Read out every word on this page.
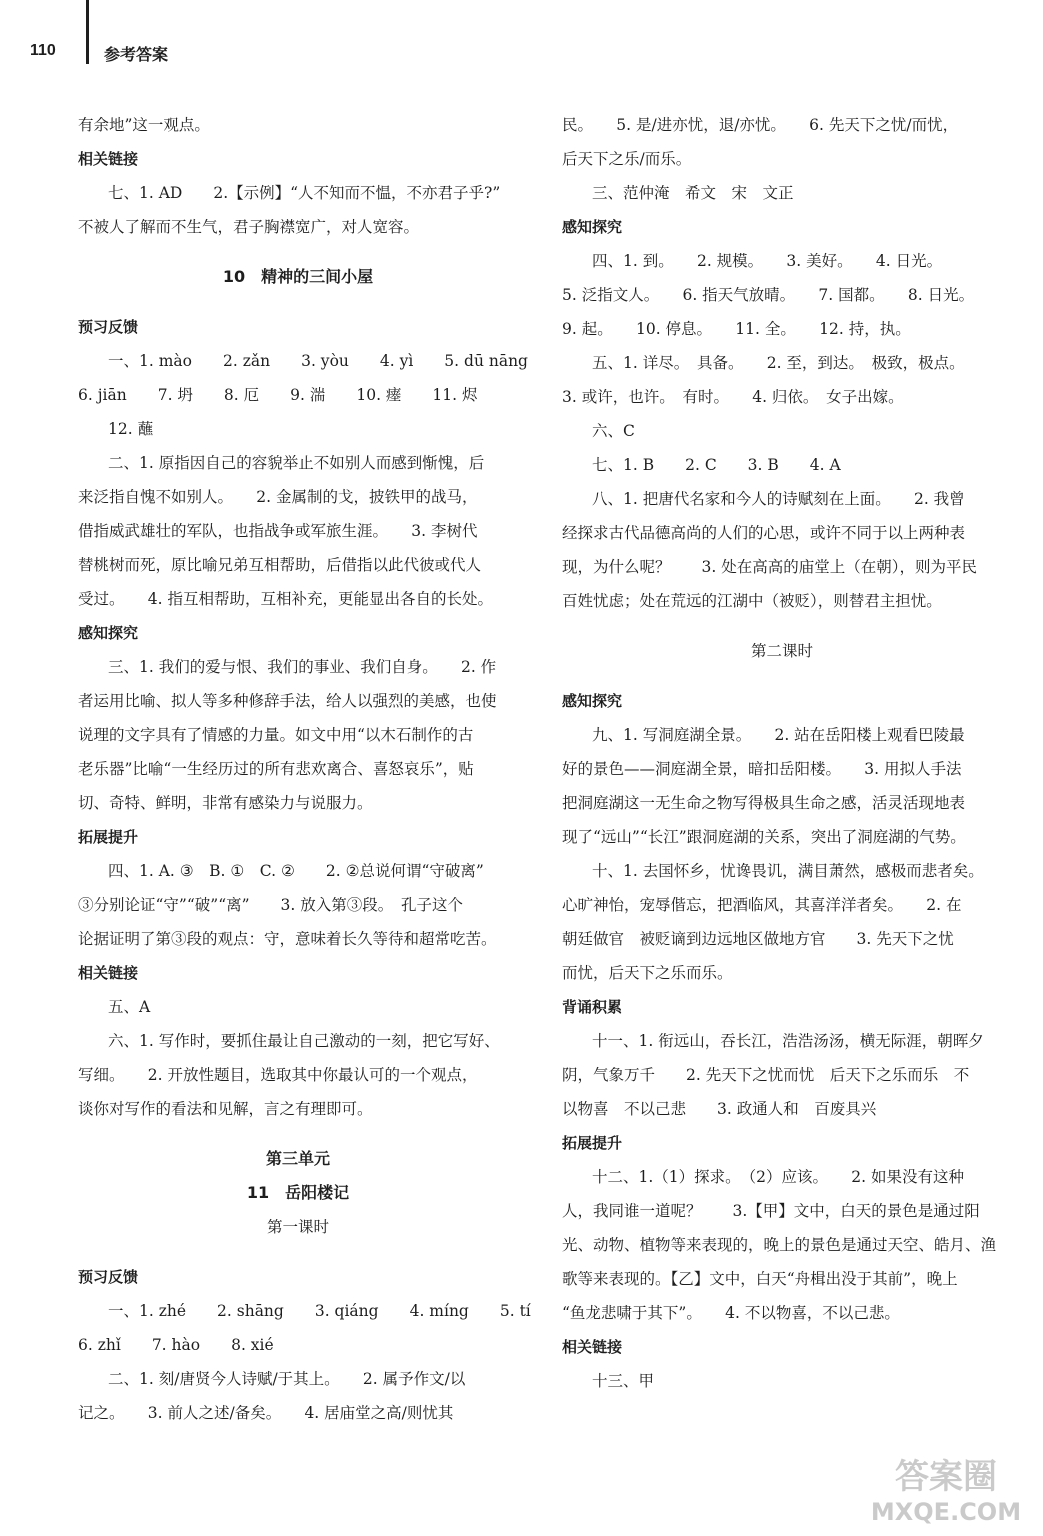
110	参考答案
有余地”这一观点。
相关链接
七、1. AD　　2.【示例】“人不知而不愠，不亦君子乎?”
不被人了解而不生气，君子胸襟宽广，对人宽容。
10　精神的三间小屋
预习反馈
一、1. mào　　2. zǎn　　3. yòu　　4. yì　　5. dū nāng
6. jiān　　7. 坍　　8. 厄　　9. 湍　　10. 瘗　　11. 烬
12. 蘸
二、1. 原指因自己的容貌举止不如别人而感到惭愧，后
来泛指自愧不如别人。　　2. 金属制的戈，披铁甲的战马，
借指威武雄壮的军队，也指战争或军旅生涯。　　3. 李树代
替桃树而死，原比喻兄弟互相帮助，后借指以此代彼或代人
受过。　　4. 指互相帮助，互相补充，更能显出各自的长处。
感知探究
三、1. 我们的爱与恨、我们的事业、我们自身。　　2. 作
者运用比喻、拟人等多种修辞手法，给人以强烈的美感，也使
说理的文字具有了情感的力量。如文中用“以木石制作的古
老乐器”比喻“一生经历过的所有悲欢离合、喜怒哀乐”，贴
切、奇特、鲜明，非常有感染力与说服力。
拓展提升
四、1. A. ③　B. ①　C. ②　　2. ②总说何谓“守破离”
③分别论证“守”“破”“离”　　3. 放入第③段。　孔子这个
论据证明了第③段的观点：守，意味着长久等待和超常吃苦。
相关链接
五、A
六、1. 写作时，要抓住最让自己激动的一刻，把它写好、
写细。　　2. 开放性题目，选取其中你最认可的一个观点，
谈你对写作的看法和见解，言之有理即可。
第三单元
11　岳阳楼记
第一课时
预习反馈
一、1. zhé　　2. shāng　　3. qiáng　　4. míng　　5. tí
6. zhǐ　　7. hào　　8. xié
二、1. 刻/唐贤今人诗赋/于其上。　　2. 属予作文/以
记之。　　3. 前人之述/备矣。　　4. 居庙堂之高/则忧其
民。　　5. 是/进亦忧，退/亦忧。　　6. 先天下之忧/而忧，
后天下之乐/而乐。
三、范仲淹　希文　宋　文正
感知探究
四、1. 到。　　2. 规模。　　3. 美好。　　4. 日光。
5. 泛指文人。　　6. 指天气放晴。　　7. 国都。　　8. 日光。
9. 起。　　10. 停息。　　11. 全。　　12. 持，执。
五、1. 详尽。　具备。　　2. 至，到达。　极致，极点。
3. 或许，也许。　有时。　　4. 归依。　女子出嫁。
六、C
七、1. B　　2. C　　3. B　　4. A
八、1. 把唐代名家和今人的诗赋刻在上面。　　2. 我曾
经探求古代品德高尚的人们的心思，或许不同于以上两种表
现，为什么呢？　　3. 处在高高的庙堂上（在朝），则为平民
百姓忧虑；处在荒远的江湖中（被贬），则替君主担忧。
第二课时
感知探究
九、1. 写洞庭湖全景。　　2. 站在岳阳楼上观看巴陵最
好的景色——洞庭湖全景，暗扣岳阳楼。　　3. 用拟人手法
把洞庭湖这一无生命之物写得极具生命之感，活灵活现地表
现了“远山”“长江”跟洞庭湖的关系，突出了洞庭湖的气势。
十、1. 去国怀乡，忧谗畏讥，满目萧然，感极而悲者矣。
心旷神怡，宠辱偕忘，把酒临风，其喜洋洋者矣。　　2. 在
朝廷做官　被贬谪到边远地区做地方官　　3. 先天下之忧
而忧，后天下之乐而乐。
背诵积累
十一、1. 衔远山，吞长江，浩浩汤汤，横无际涯，朝晖夕
阴，气象万千　　2. 先天下之忧而忧　后天下之乐而乐　不
以物喜　不以己悲　　3. 政通人和　百废具兴
拓展提升
十二、1.（1）探求。　（2）应该。　　2. 如果没有这种
人，我同谁一道呢？　　3.【甲】文中，白天的景色是通过阳
光、动物、植物等来表现的，晚上的景色是通过天空、皓月、渔
歌等来表现的。【乙】文中，白天“舟楫出没于其前”，晚上
“鱼龙悲啸于其下”。　　4. 不以物喜，不以己悲。
相关链接
十三、甲
答案圈
MXQE.COM
